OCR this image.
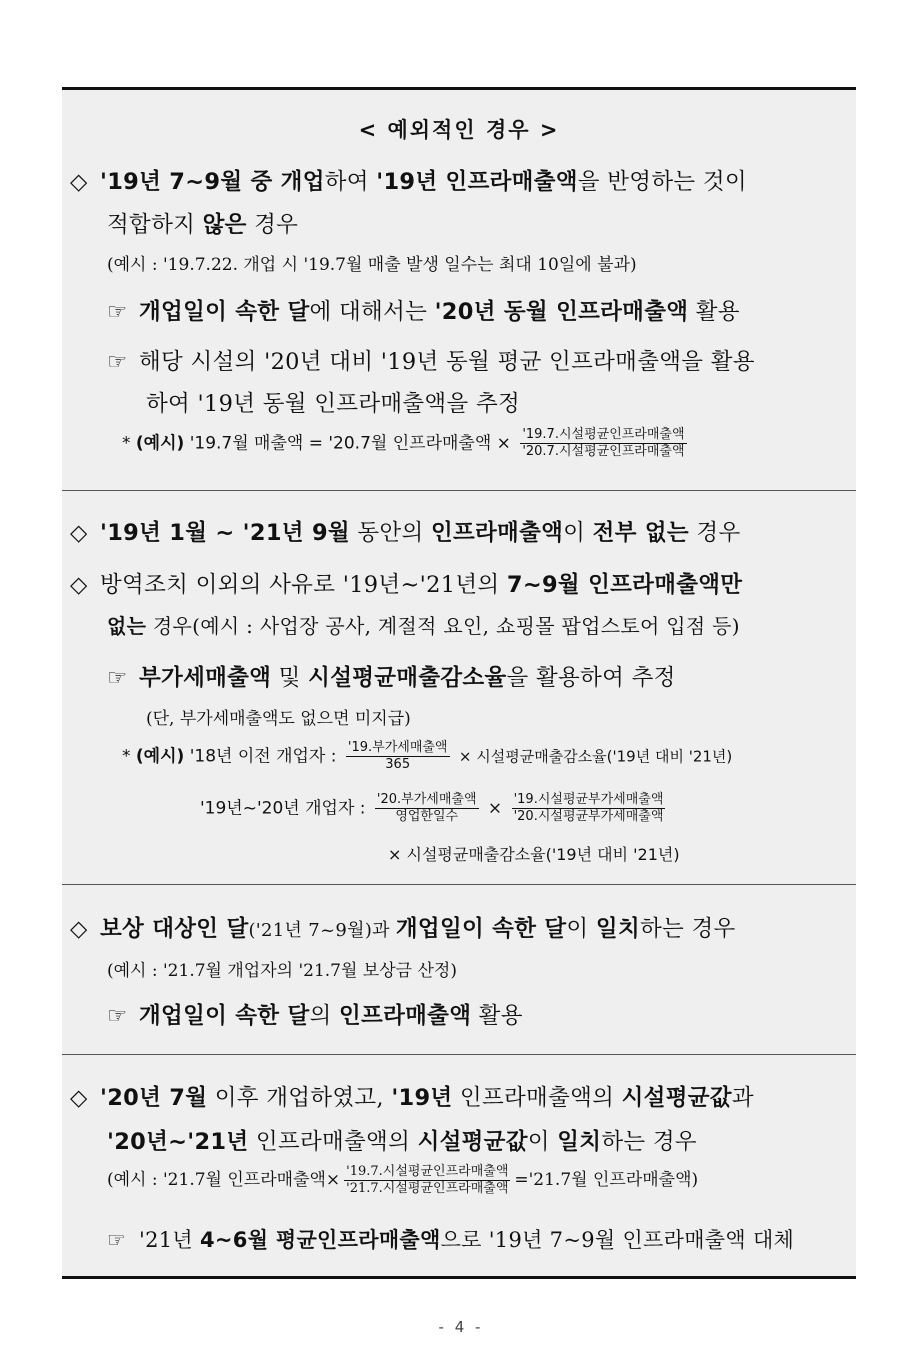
< 예외적인 경우 >
◇ '19년 7~9월 중 개업하여 '19년 인프라매출액을 반영하는 것이
적합하지 않은 경우
(예시 : '19.7.22. 개업 시 '19.7월 매출 발생 일수는 최대 10일에 불과)
☞ 개업일이 속한 달에 대해서는 '20년 동월 인프라매출액 활용
☞ 해당 시설의 '20년 대비 '19년 동월 평균 인프라매출액을 활용
하여 '19년 동월 인프라매출액을 추정
* (예시) '19.7월 매출액 = '20.7월 인프라매출액 × $\frac{\text{'19.7.시설평균인프라매출액}}{\text{'20.7.시설평균인프라매출액}}$
◇ '19년 1월 ~ '21년 9월 동안의 인프라매출액이 전부 없는 경우
◇ 방역조치 이외의 사유로 '19년~'21년의 7~9월 인프라매출액만
없는 경우(예시 : 사업장 공사, 계절적 요인, 쇼핑몰 팝업스토어 입점 등)
☞ 부가세매출액 및 시설평균매출감소율을 활용하여 추정
(단, 부가세매출액도 없으면 미지급)
* (예시) '18년 이전 개업자 : $\frac{\text{'19.부가세매출액}}{365}$ × 시설평균매출감소율('19년 대비 '21년)
'19년~'20년 개업자 : $\frac{\text{'20.부가세매출액}}{\text{영업한일수}} \times \frac{\text{'19.시설평균부가세매출액}}{\text{'20.시설평균부가세매출액}}$
× 시설평균매출감소율('19년 대비 '21년)
◇ 보상 대상인 달('21년 7~9월)과 개업일이 속한 달이 일치하는 경우
(예시 : '21.7월 개업자의 '21.7월 보상금 산정)
☞ 개업일이 속한 달의 인프라매출액 활용
◇ '20년 7월 이후 개업하였고, '19년 인프라매출액의 시설평균값과
'20년~'21년 인프라매출액의 시설평균값이 일치하는 경우
(예시 : '21.7월 인프라매출액× $\frac{\text{'19.7.시설평균인프라매출액}}{\text{'21.7.시설평균인프라매출액}} ='21.7$월 인프라매출액)
☞ '21년 4~6월 평균인프라매출액으로 '19년 7~9월 인프라매출액 대체
- 4 -
